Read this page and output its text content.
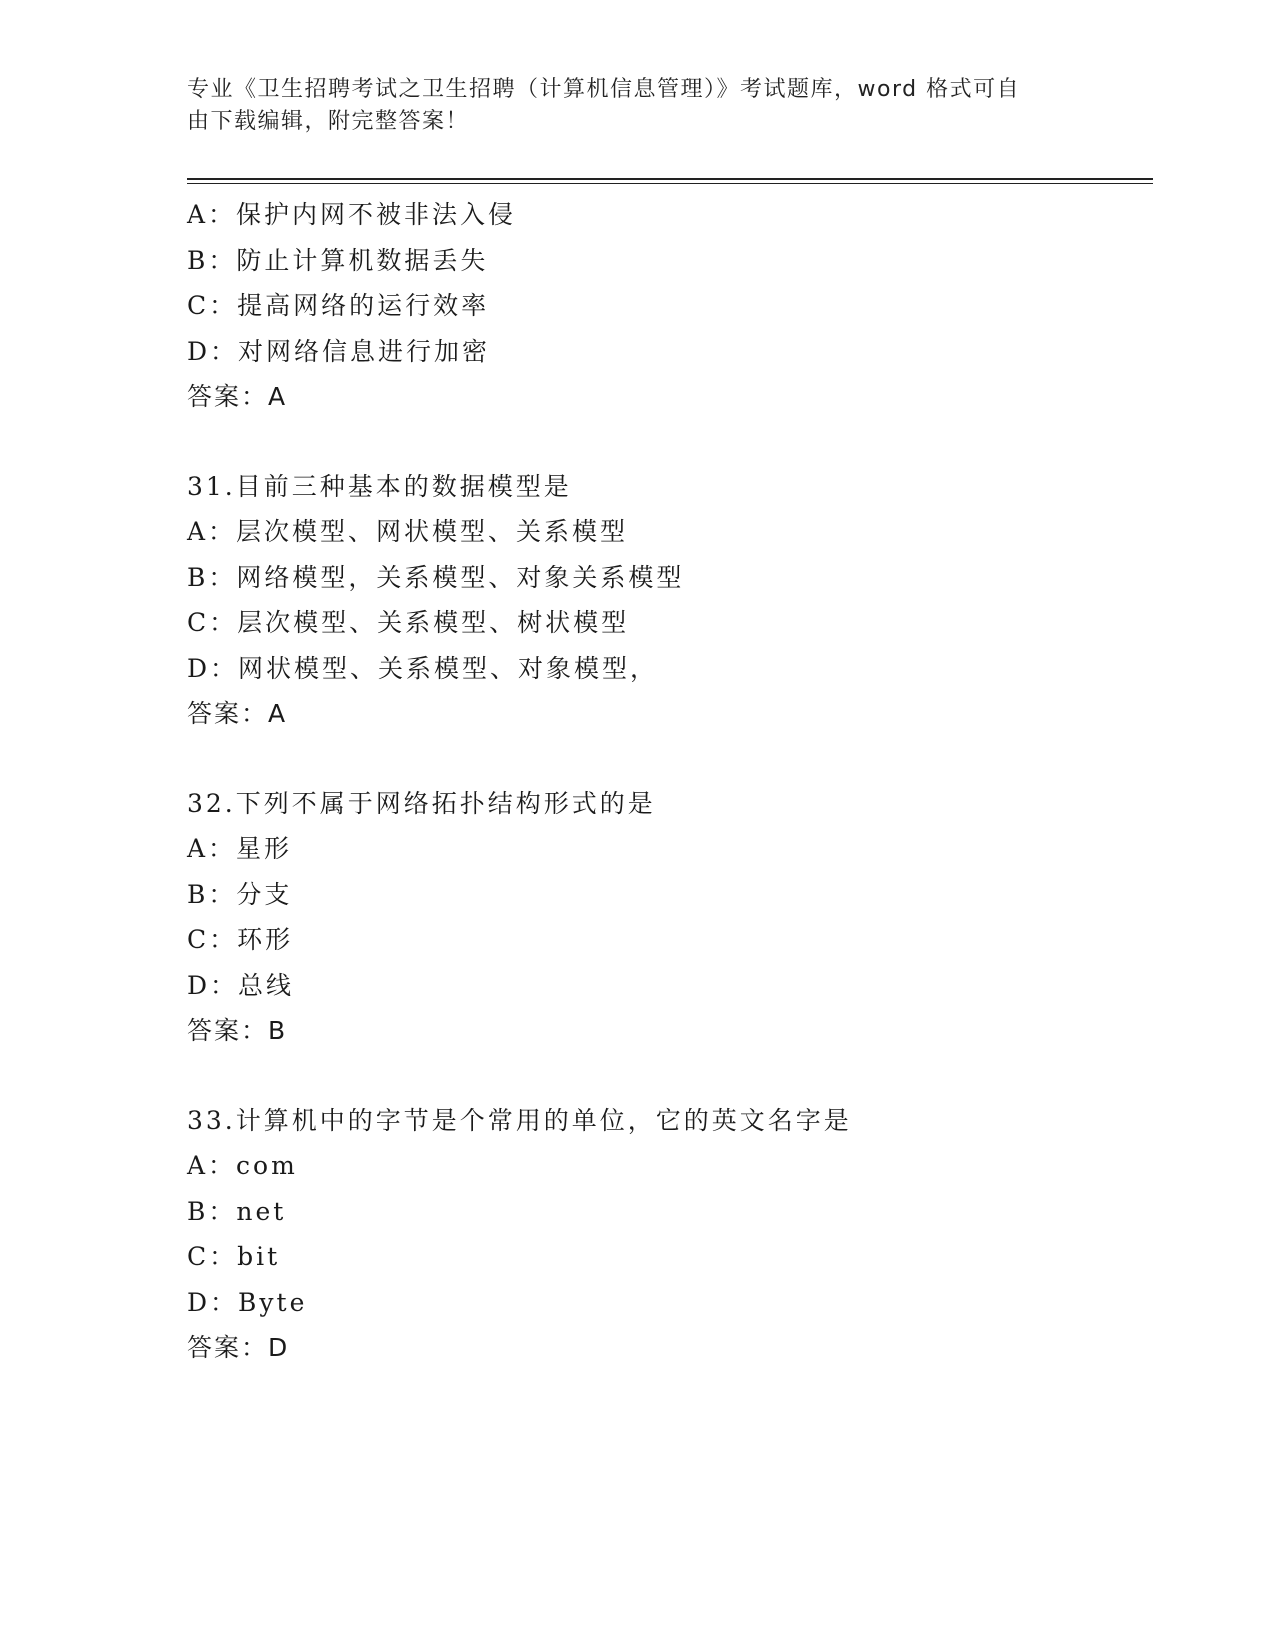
专业《卫生招聘考试之卫生招聘（计算机信息管理）》考试题库，word 格式可自
由下载编辑，附完整答案！
A：保护内网不被非法入侵
B：防止计算机数据丢失
C：提高网络的运行效率
D：对网络信息进行加密
答案：A
31.目前三种基本的数据模型是
A：层次模型、网状模型、关系模型
B：网络模型，关系模型、对象关系模型
C：层次模型、关系模型、树状模型
D：网状模型、关系模型、对象模型，
答案：A
32.下列不属于网络拓扑结构形式的是
A：星形
B：分支
C：环形
D：总线
答案：B
33.计算机中的字节是个常用的单位，它的英文名字是
A：com
B：net
C：bit
D：Byte
答案：D
